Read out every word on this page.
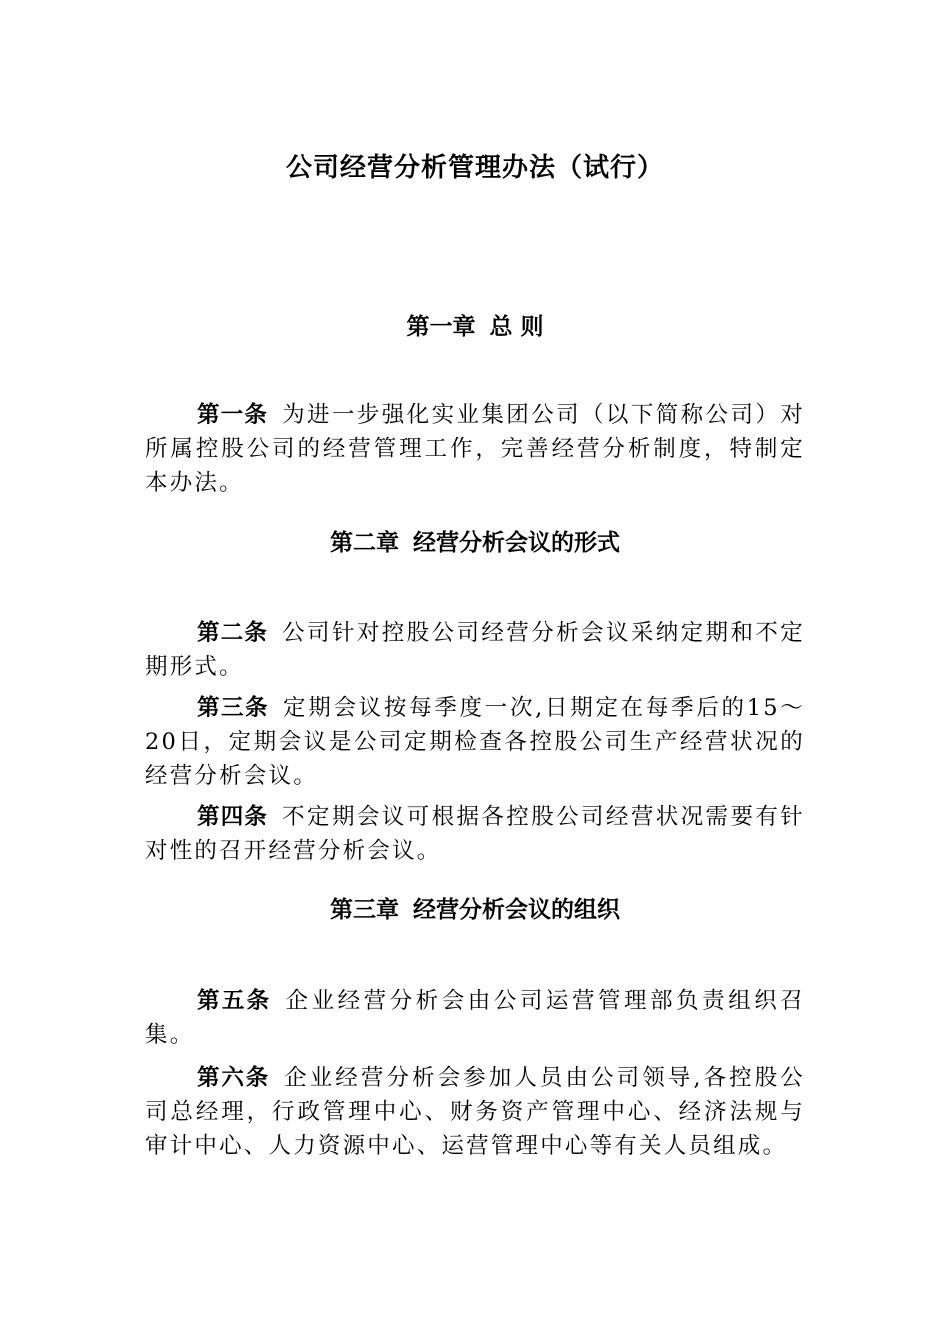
公司经营分析管理办法（试行）
第一章 总 则
第一条 为进一步强化实业集团公司（以下简称公司）对所属控股公司的经营管理工作，完善经营分析制度，特制定本办法。
第二章 经营分析会议的形式
第二条 公司针对控股公司经营分析会议采纳定期和不定期形式。
第三条 定期会议按每季度一次,日期定在每季后的15～20日，定期会议是公司定期检查各控股公司生产经营状况的经营分析会议。
第四条 不定期会议可根据各控股公司经营状况需要有针对性的召开经营分析会议。
第三章 经营分析会议的组织
第五条 企业经营分析会由公司运营管理部负责组织召集。
第六条 企业经营分析会参加人员由公司领导,各控股公司总经理，行政管理中心、财务资产管理中心、经济法规与审计中心、人力资源中心、运营管理中心等有关人员组成。
